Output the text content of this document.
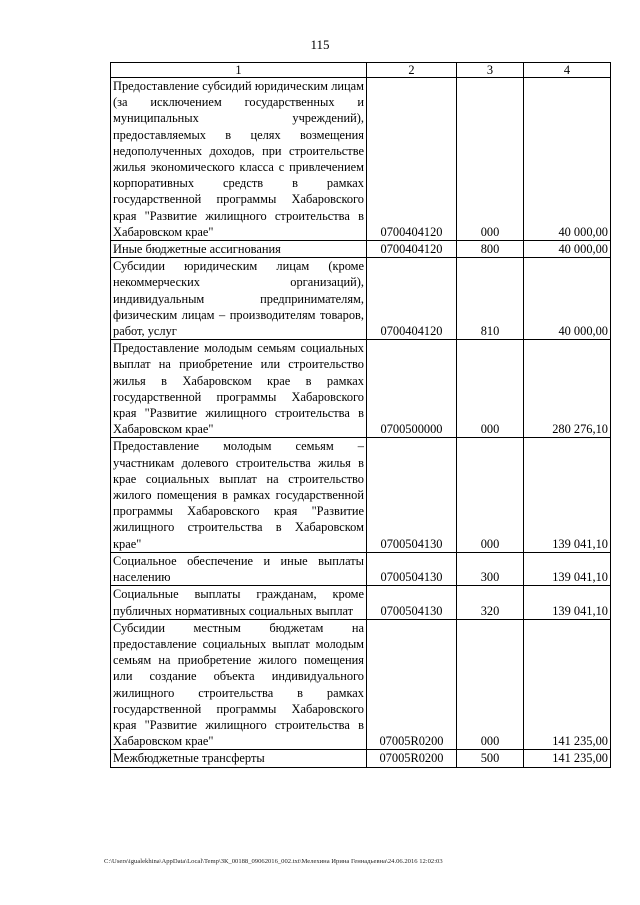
115
1	2	3	4
Предоставление субсидий юридическим лицам (за исключением государственных и муниципальных учреждений), предоставляемых в целях возмещения недополученных доходов, при строительстве жилья экономического класса с привлечением корпоративных средств в рамках государственной программы Хабаровского края "Развитие жилищного строительства в Хабаровском крае"	0700404120	000	40 000,00
Иные бюджетные ассигнования	0700404120	800	40 000,00
Субсидии юридическим лицам (кроме некоммерческих организаций), индивидуальным предпринимателям, физическим лицам – производителям товаров, работ, услуг	0700404120	810	40 000,00
Предоставление молодым семьям социальных выплат на приобретение или строительство жилья в Хабаровском крае в рамках государственной программы Хабаровского края "Развитие жилищного строительства в Хабаровском крае"	0700500000	000	280 276,10
Предоставление молодым семьям – участникам долевого строительства жилья в крае социальных выплат на строительство жилого помещения в рамках государственной программы Хабаровского края "Развитие жилищного строительства в Хабаровском крае"	0700504130	000	139 041,10
Социальное обеспечение и иные выплаты населению	0700504130	300	139 041,10
Социальные выплаты гражданам, кроме публичных нормативных социальных выплат	0700504130	320	139 041,10
Субсидии местным бюджетам на предоставление социальных выплат молодым семьям на приобретение жилого помещения или создание объекта индивидуального жилищного строительства в рамках государственной программы Хабаровского края "Развитие жилищного строительства в Хабаровском крае"	07005R0200	000	141 235,00
Межбюджетные трансферты	07005R0200	500	141 235,00
C:\Users\igualekhina\AppData\Local\Temp\ЗК_00188_09062016_002.txt\Мелехина Ирина Геннадьевна\24.06.2016 12:02:03
